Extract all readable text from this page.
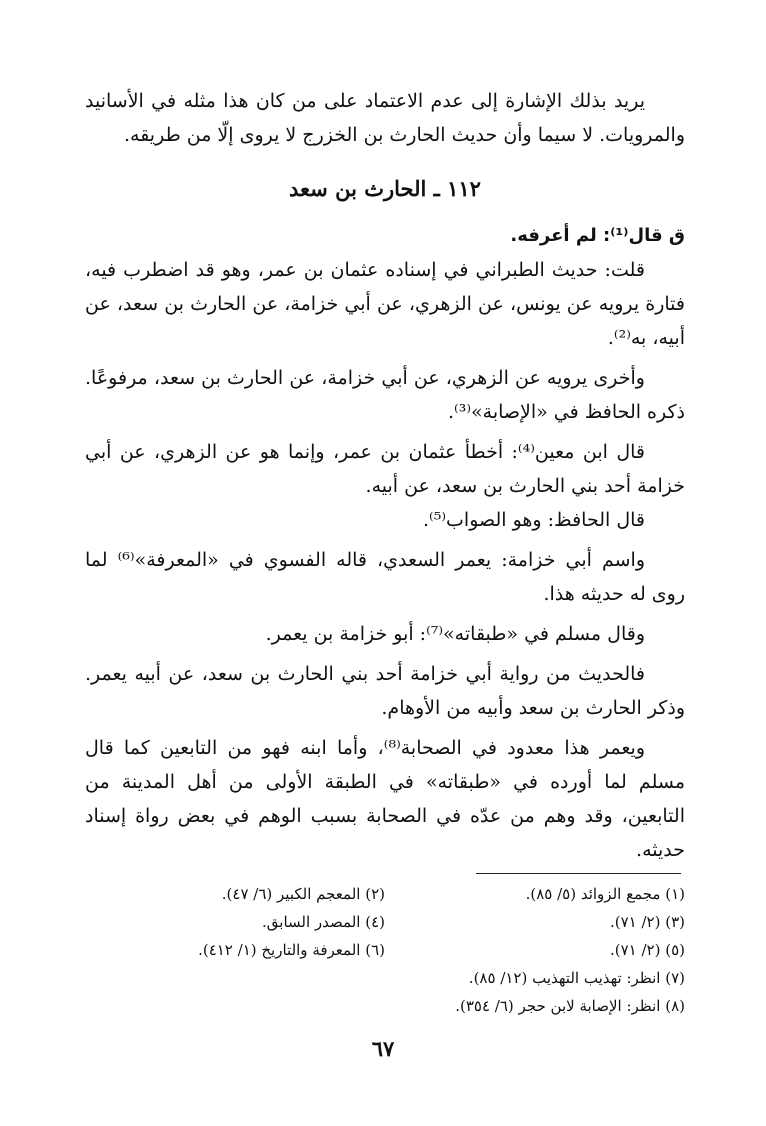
يريد بذلك الإشارة إلى عدم الاعتماد على من كان هذا مثله في الأسانيد والمرويات. لا سيما وأن حديث الحارث بن الخزرج لا يروى إلّا من طريقه.

١١٢ ـ الحارث بن سعد

ق قال⁽¹⁾: لم أعرفه.

قلت: حديث الطبراني في إسناده عثمان بن عمر، وهو قد اضطرب فيه، فتارة يرويه عن يونس، عن الزهري، عن أبي خزامة، عن الحارث بن سعد، عن أبيه، به⁽²⁾.

وأخرى يرويه عن الزهري، عن أبي خزامة، عن الحارث بن سعد، مرفوعًا. ذكره الحافظ في «الإصابة»⁽³⁾.

قال ابن معين⁽⁴⁾: أخطأ عثمان بن عمر، وإنما هو عن الزهري، عن أبي خزامة أحد بني الحارث بن سعد، عن أبيه.

قال الحافظ: وهو الصواب⁽⁵⁾.

واسم أبي خزامة: يعمر السعدي، قاله الفسوي في «المعرفة»⁽⁶⁾ لما روى له حديثه هذا.

وقال مسلم في «طبقاته»⁽⁷⁾: أبو خزامة بن يعمر.

فالحديث من رواية أبي خزامة أحد بني الحارث بن سعد، عن أبيه يعمر. وذكر الحارث بن سعد وأبيه من الأوهام.

ويعمر هذا معدود في الصحابة⁽⁸⁾، وأما ابنه فهو من التابعين كما قال مسلم لما أورده في «طبقاته» في الطبقة الأولى من أهل المدينة من التابعين، وقد وهم من عدّه في الصحابة بسبب الوهم في بعض رواة إسناد حديثه.

(١) مجمع الزوائد (٥/ ٨٥).
(٢) المعجم الكبير (٦/ ٤٧).
(٣) (٢/ ٧١).
(٤) المصدر السابق.
(٥) (٢/ ٧١).
(٦) المعرفة والتاريخ (١/ ٤١٢).
(٧) انظر: تهذيب التهذيب (١٢/ ٨٥).
(٨) انظر: الإصابة لابن حجر (٦/ ٣٥٤).
٦٧
